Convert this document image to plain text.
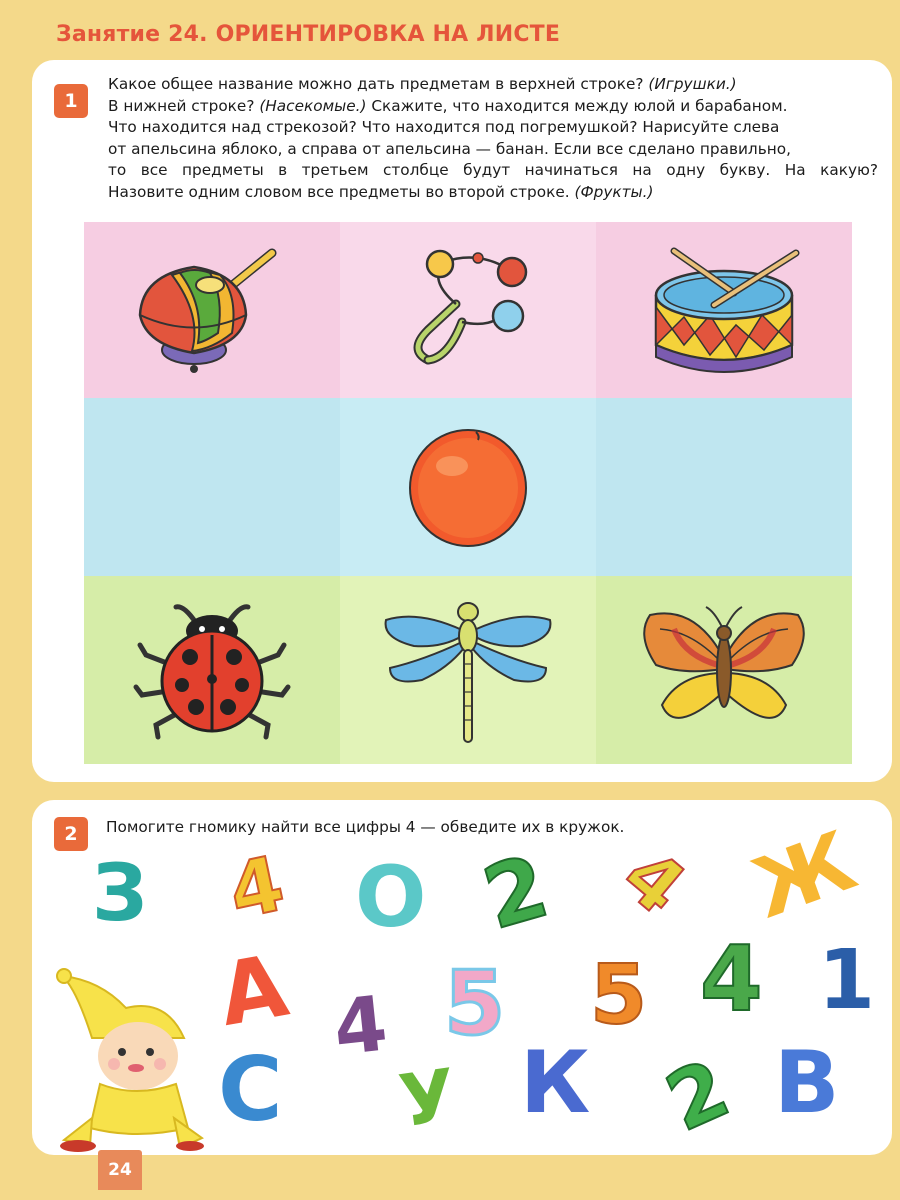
Занятие 24. ОРИЕНТИРОВКА НА ЛИСТЕ
1
Какое общее название можно дать предметам в верхней строке? (Игрушки.)
В нижней строке? (Насекомые.) Скажите, что находится между юлой и барабаном.
Что находится над стрекозой? Что находится под погремушкой? Нарисуйте слева
от апельсина яблоко, а справа от апельсина — банан. Если все сделано правильно,
то все предметы в третьем столбце будут начинаться на одну букву. На какую?
Назовите одним словом все предметы во второй строке. (Фрукты.)
2	Помогите гномику найти все цифры 4 — обведите их в кружок.
З 4 О 2 4 Ж
А 4 5 5 4 1
С У К 2 В
24
